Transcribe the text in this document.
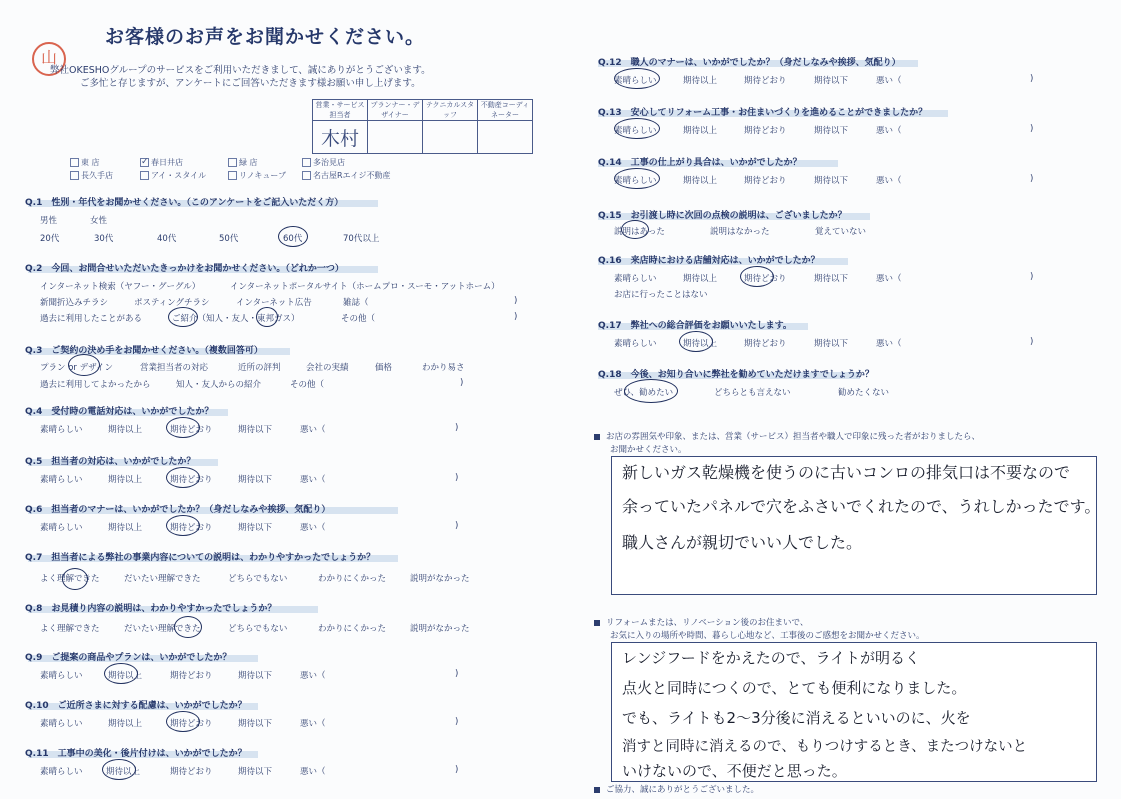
お客様のお声をお聞かせください。
山
弊社OKESHOグループのサービスをご利用いただきまして、誠にありがとうございます。
ご多忙と存じますが、アンケートにご回答いただきます様お願い申し上げます。
営業・サービス担当者	プランナー・デザイナー	テクニカルスタッフ	不動産コーディネーター
木村			
東 店	✓ 春日井店	緑 店	多治見店
長久手店	アイ・スタイル	リノキューブ	名古屋Rエイジ不動産
Q.1　性別・年代をお聞かせください。（このアンケートをご記入いただく方）
男性	女性
20代	30代	40代	50代	60代	70代以上
Q.2　今回、お問合せいただいたきっかけをお聞かせください。（どれか一つ）
インターネット検索（ヤフー・グーグル）	インターネットポータルサイト（ホームプロ・スーモ・アットホーム）
新聞折込みチラシ	ポスティングチラシ	インターネット広告	雑誌（	)
過去に利用したことがある	ご紹介（知人・友人・東邦ガス）	その他（	)
Q.3　ご契約の決め手をお聞かせください。（複数回答可）
プラン or デザイン	営業担当者の対応	近所の評判	会社の実績	価格	わかり易さ
過去に利用してよかったから	知人・友人からの紹介	その他（	)
Q.4　受付時の電話対応は、いかがでしたか？
素晴らしい	期待以上	期待どおり	期待以下	悪い（	)
Q.5　担当者の対応は、いかがでしたか？
素晴らしい	期待以上	期待どおり	期待以下	悪い（	)
Q.6　担当者のマナーは、いかがでしたか？（身だしなみや挨拶、気配り）
素晴らしい	期待以上	期待どおり	期待以下	悪い（	)
Q.9　ご提案の商品やプランは、いかがでしたか？
素晴らしい	期待以上	期待どおり	期待以下	悪い（	)
Q.10　ご近所さまに対する配慮は、いかがでしたか？
素晴らしい	期待以上	期待どおり	期待以下	悪い（	)
Q.11　工事中の美化・後片付けは、いかがでしたか？
素晴らしい	期待以上	期待どおり	期待以下	悪い（	)
Q.7　担当者による弊社の事業内容についての説明は、わかりやすかったでしょうか？
よく理解できた	だいたい理解できた	どちらでもない	わかりにくかった	説明がなかった
Q.8　お見積り内容の説明は、わかりやすかったでしょうか？
よく理解できた	だいたい理解できた	どちらでもない	わかりにくかった	説明がなかった
Q.12　職人のマナーは、いかがでしたか？（身だしなみや挨拶、気配り）
素晴らしい	期待以上	期待どおり	期待以下	悪い（	)
Q.13　安心してリフォーム工事・お住まいづくりを進めることができましたか？
素晴らしい	期待以上	期待どおり	期待以下	悪い（	)
Q.14　工事の仕上がり具合は、いかがでしたか？
素晴らしい	期待以上	期待どおり	期待以下	悪い（	)
Q.16　来店時における店舗対応は、いかがでしたか？
素晴らしい	期待以上	期待どおり	期待以下	悪い（	)
Q.17　弊社への総合評価をお願いいたします。
素晴らしい	期待以上	期待どおり	期待以下	悪い（	)
Q.15　お引渡し時に次回の点検の説明は、ございましたか？
説明はあった	説明はなかった	覚えていない
お店に行ったことはない
Q.18　今後、お知り合いに弊社を勧めていただけますでしょうか？
ぜひ、勧めたい	どちらとも言えない	勧めたくない
お店の雰囲気や印象、または、営業（サービス）担当者や職人で印象に残った者がおりましたら、
お聞かせください。
新しいガス乾燥機を使うのに古いコンロの排気口は不要なので
余っていたパネルで穴をふさいでくれたので、うれしかったです。
職人さんが親切でいい人でした。
リフォームまたは、リノベーション後のお住まいで、
お気に入りの場所や時間、暮らし心地など、工事後のご感想をお聞かせください。
レンジフードをかえたので、ライトが明るく
点火と同時につくので、とても便利になりました。
でも、ライトも2〜3分後に消えるといいのに、火を
消すと同時に消えるので、もりつけするとき、またつけないと
いけないので、不便だと思った。
ご協力、誠にありがとうございました。
